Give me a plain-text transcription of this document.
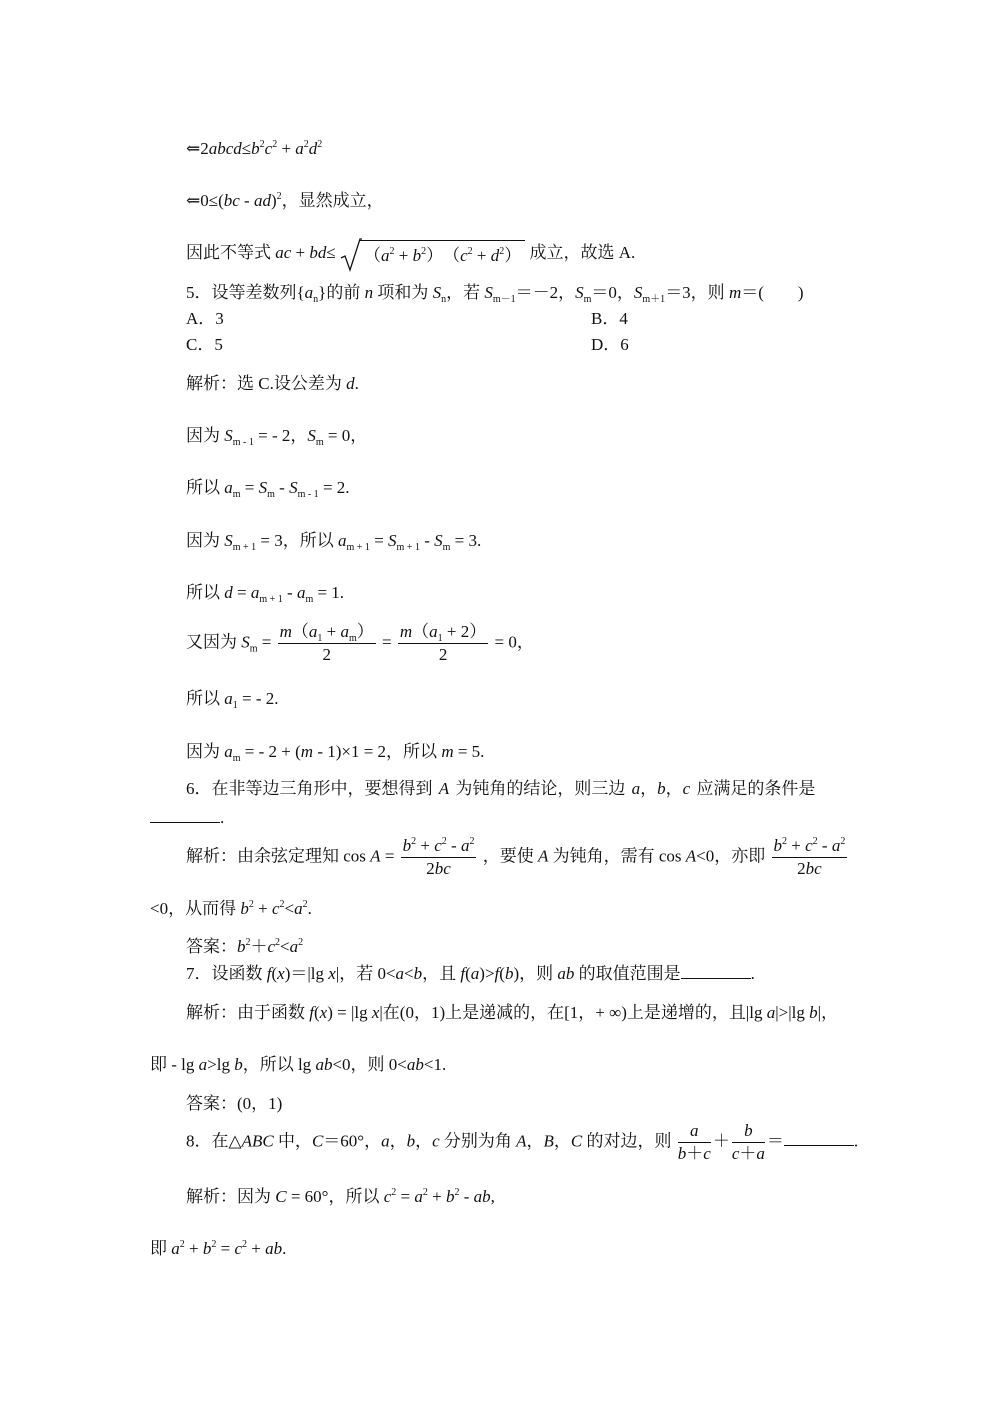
$⇐2abcd\le b^2c^2 + a^2d^2$
⇐0≤(bc - ad)$^2$，显然成立，
因此不等式 ac + $bd\le (a^2 + b^2)$　$(c^2 + d^2)$ 成立，故选 A.
5．设等差数列$\{a_n\}$的前 n 项和为 $S_n$，若 $S_{m-1}=-2$，$S_m=0$，$S_{m+1}=3$，则 m＝(　　)
A．3	B．4
C．5	D．6
解析：选 C.设公差为 d.
因为 $S_{m - 1}$ = - 2，$S_m = 0$，
所以 $a_m = S_m - S_{m - 1} = 2$.
因为 $S_{m + 1} = 3$，所以 $a_{m + 1} = S_{m + 1} - S_m = 3$.
所以 $d = a_{m + 1} - a_m = 1$.
又因为 $S_m = \frac{m(a_1 + a_m)}{2} = \frac{m(a_1 + 2)}{2} = 0$，
所以 $a_1$ = - 2.
因为 $a_m$ = - 2 + (m - 1)×1 = 2，所以 m = 5.
6．在非等边三角形中，要想得到 A 为钝角的结论，则三边 a，b，c 应满足的条件是
.
解析：由余弦定理知 $\cos A = \frac{b^2 + c^2 - a^2}{2bc}$ ，要使 A 为钝角，需有 cos A<0，亦即 $\frac{b^2 + c^2 - a^2}{2bc}$
<0，从而得 $b^2 + c^2<a^2$.
答案：$b^2+c^2<a^2$
7．设函数 f(x)＝|lg x|，若 0<a<b，且 f(a)>f(b)，则 ab 的取值范围是	.
解析：由于函数 f(x) = |lg x|在(0，1)上是递减的，在[1，+ ∞)上是递增的，且|lg a|>|lg b|，
即 - lg a>lg b，所以 lg ab<0，则 0<ab<1.
答案：(0，1)
8．在△ABC 中，C＝60°，a，b，c 分别为角 A，B，C 的对边，则 $\frac{a}{b+c} + \frac{b}{c+a}$ ＝	.
解析：因为 C = 60°，所以 $c^2 = a^2 + b^2$ - ab,
即 $a^2 + b^2 = c^2$ + ab.
